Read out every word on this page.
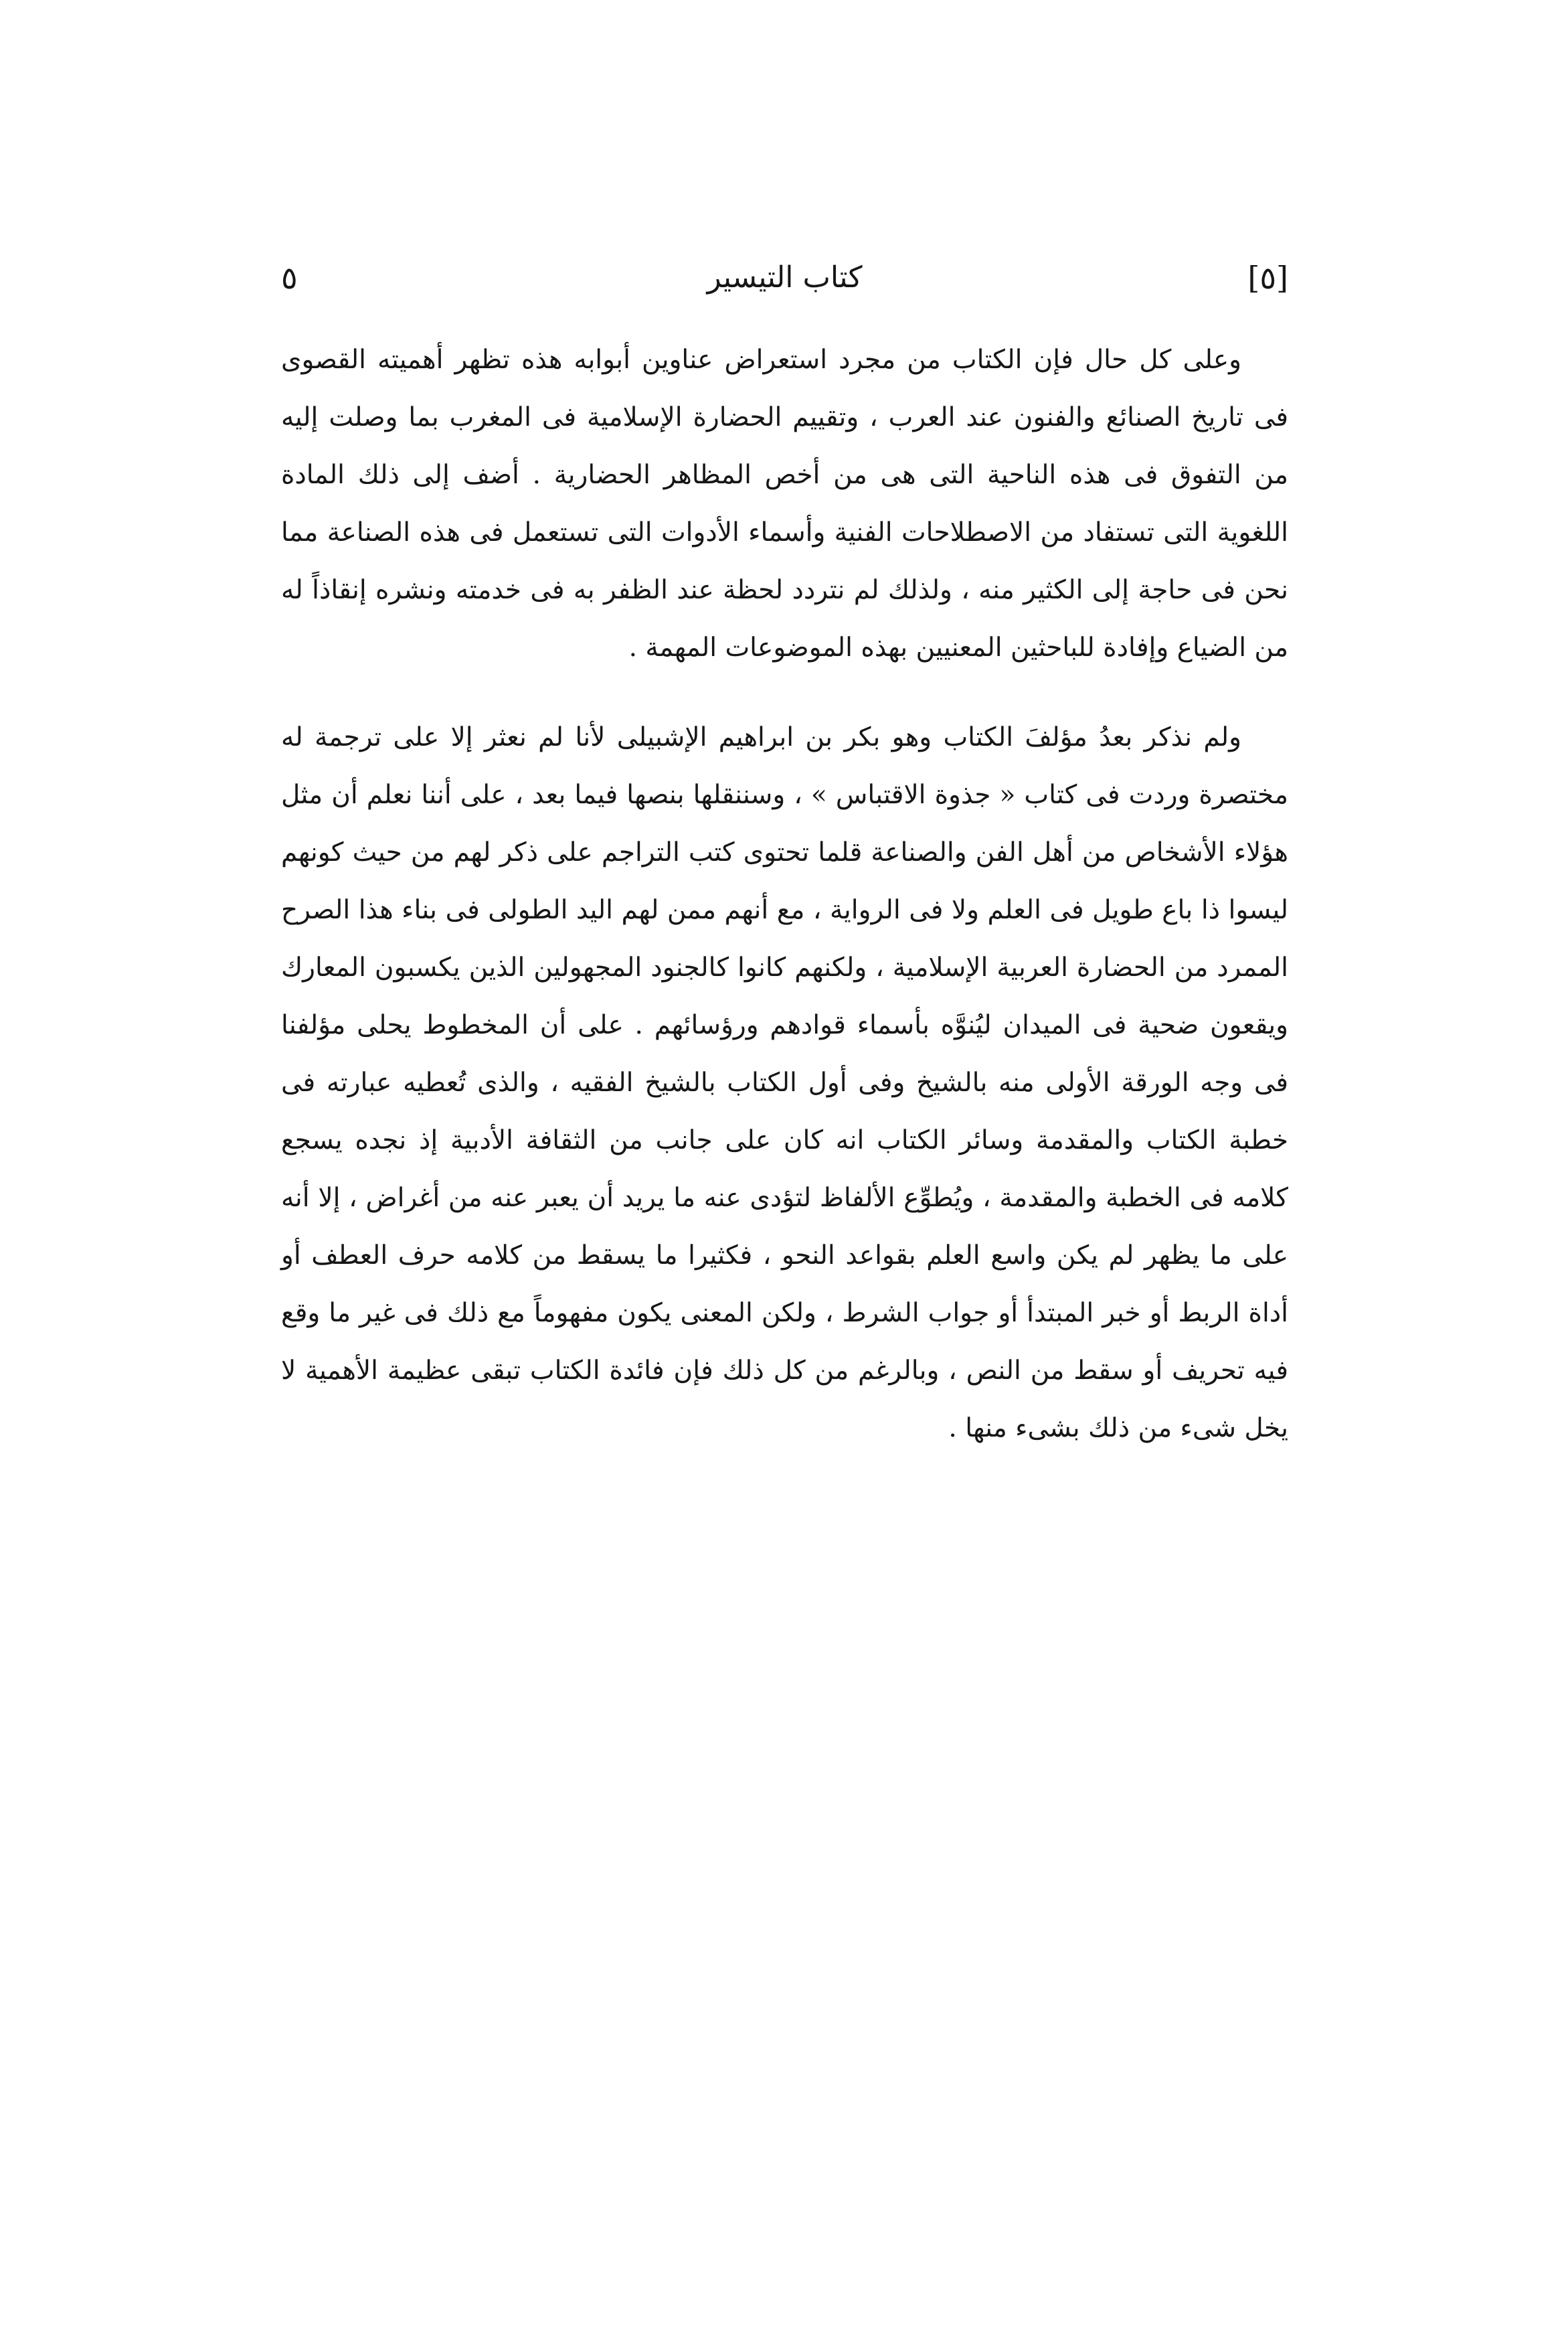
[٥]
كتاب التيسير
٥

وعلى كل حال فإن الكتاب من مجرد استعراض عناوين أبوابه هذه تظهر أهميته القصوى فى تاريخ الصنائع والفنون عند العرب ، وتقييم الحضارة الإسلامية فى المغرب بما وصلت إليه من التفوق فى هذه الناحية التى هى من أخص المظاهر الحضارية . أضف إلى ذلك المادة اللغوية التى تستفاد من الاصطلاحات الفنية وأسماء الأدوات التى تستعمل فى هذه الصناعة مما نحن فى حاجة إلى الكثير منه ، ولذلك لم نتردد لحظة عند الظفر به فى خدمته ونشره إنقاذاً له من الضياع وإفادة للباحثين المعنيين بهذه الموضوعات المهمة .

ولم نذكر بعدُ مؤلفَ الكتاب وهو بكر بن ابراهيم الإشبيلى لأنا لم نعثر إلا على ترجمة له مختصرة وردت فى كتاب « جذوة الاقتباس » ، وسننقلها بنصها فيما بعد ، على أننا نعلم أن مثل هؤلاء الأشخاص من أهل الفن والصناعة قلما تحتوى كتب التراجم على ذكر لهم من حيث كونهم ليسوا ذا باع طويل فى العلم ولا فى الرواية ، مع أنهم ممن لهم اليد الطولى فى بناء هذا الصرح الممرد من الحضارة العربية الإسلامية ، ولكنهم كانوا كالجنود المجهولين الذين يكسبون المعارك ويقعون ضحية فى الميدان ليُنوَّه بأسماء قوادهم ورؤسائهم . على أن المخطوط يحلى مؤلفنا فى وجه الورقة الأولى منه بالشيخ وفى أول الكتاب بالشيخ الفقيه ، والذى تُعطيه عبارته فى خطبة الكتاب والمقدمة وسائر الكتاب انه كان على جانب من الثقافة الأدبية إذ نجده يسجع كلامه فى الخطبة والمقدمة ، ويُطوِّع الألفاظ لتؤدى عنه ما يريد أن يعبر عنه من أغراض ، إلا أنه على ما يظهر لم يكن واسع العلم بقواعد النحو ، فكثيرا ما يسقط من كلامه حرف العطف أو أداة الربط أو خبر المبتدأ أو جواب الشرط ، ولكن المعنى يكون مفهوماً مع ذلك فى غير ما وقع فيه تحريف أو سقط من النص ، وبالرغم من كل ذلك فإن فائدة الكتاب تبقى عظيمة الأهمية لا يخل شىء من ذلك بشىء منها .
